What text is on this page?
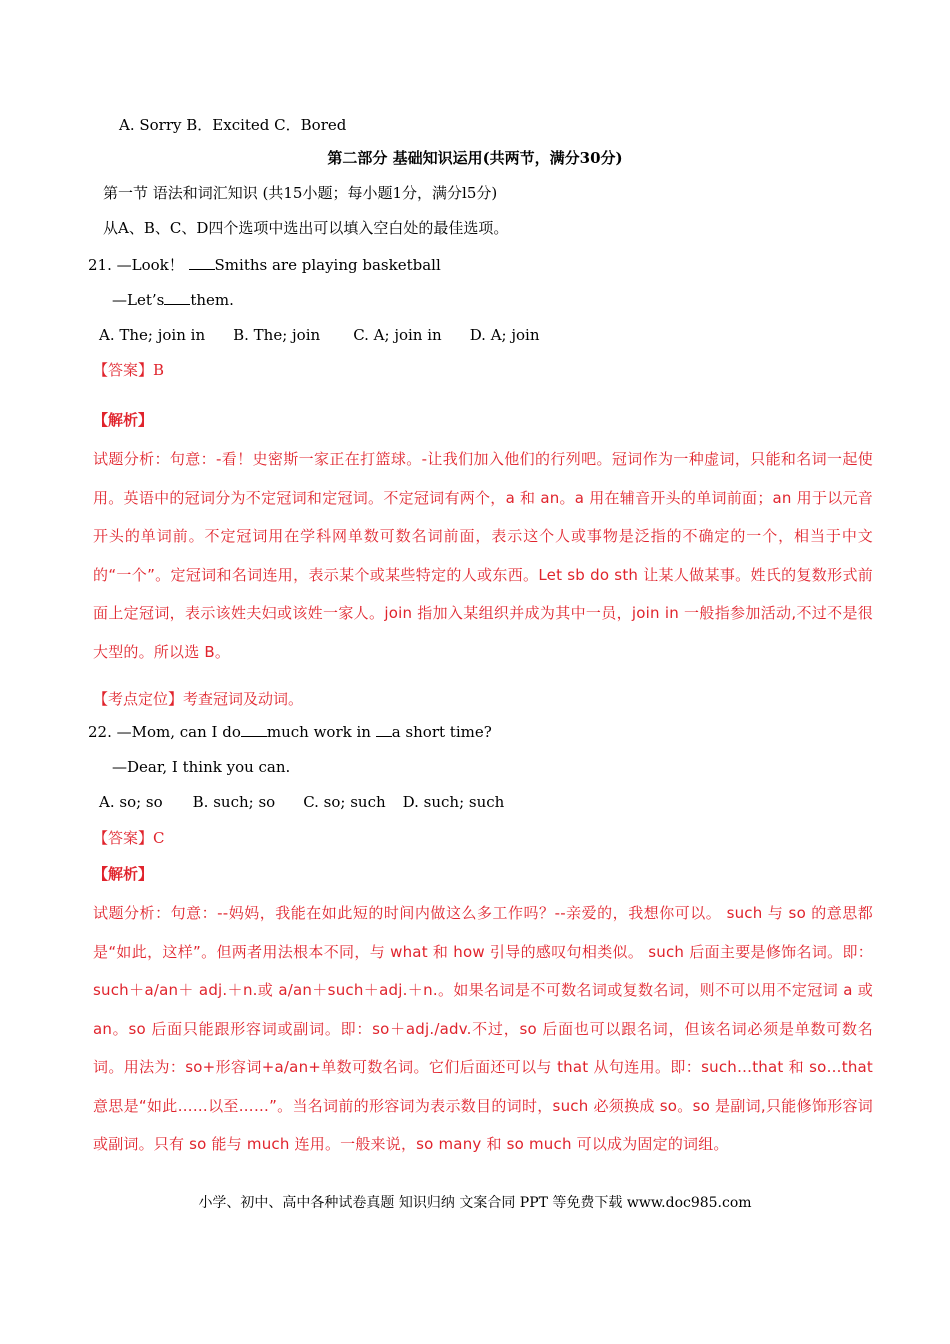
A. Sorry B．Excited C．Bored
第二部分 基础知识运用(共两节，满分30分)
第一节 语法和词汇知识 (共15小题；每小题1分，满分l5分)
从A、B、C、D四个选项中选出可以填入空白处的最佳选项。
21. —Look！ Smiths are playing basketball
—Let’s them.
A. The; join in B. The; join C. A; join in D. A; join
【答案】B
【解析】

试题分析：句意：-看！史密斯一家正在打篮球。-让我们加入他们的行列吧。冠词作为一种虚词，只能和名词一起使用。英语中的冠词分为不定冠词和定冠词。不定冠词有两个，a 和 an。a 用在辅音开头的单词前面；an 用于以元音开头的单词前。不定冠词用在学科网单数可数名词前面，表示这个人或事物是泛指的不确定的一个，相当于中文的“一个”。定冠词和名词连用，表示某个或某些特定的人或东西。Let sb do sth 让某人做某事。姓氏的复数形式前面上定冠词，表示该姓夫妇或该姓一家人。join 指加入某组织并成为其中一员，join in 一般指参加活动,不过不是很大型的。所以选 B。

【考点定位】考查冠词及动词。
22. —Mom, can I do much work in a short time?
—Dear, I think you can.
A. so; so B. such; so C. so; such D. such; such
【答案】C
【解析】

试题分析：句意：--妈妈，我能在如此短的时间内做这么多工作吗？--亲爱的，我想你可以。 such 与 so 的意思都是“如此，这样”。但两者用法根本不同，与 what 和 how 引导的感叹句相类似。 such 后面主要是修饰名词。即：such＋a/an＋ adj.＋n.或 a/an＋such＋adj.＋n.。如果名词是不可数名词或复数名词，则不可以用不定冠词 a 或 an。so 后面只能跟形容词或副词。即：so＋adj./adv.不过，so 后面也可以跟名词，但该名词必须是单数可数名词。用法为：so+形容词+a/an+单数可数名词。它们后面还可以与 that 从句连用。即：such…that 和 so…that 意思是“如此……以至……”。当名词前的形容词为表示数目的词时，such 必须换成 so。so 是副词,只能修饰形容词或副词。只有 so 能与 much 连用。一般来说，so many 和 so much 可以成为固定的词组。

小学、初中、高中各种试卷真题 知识归纳 文案合同 PPT 等免费下载 www.doc985.com
